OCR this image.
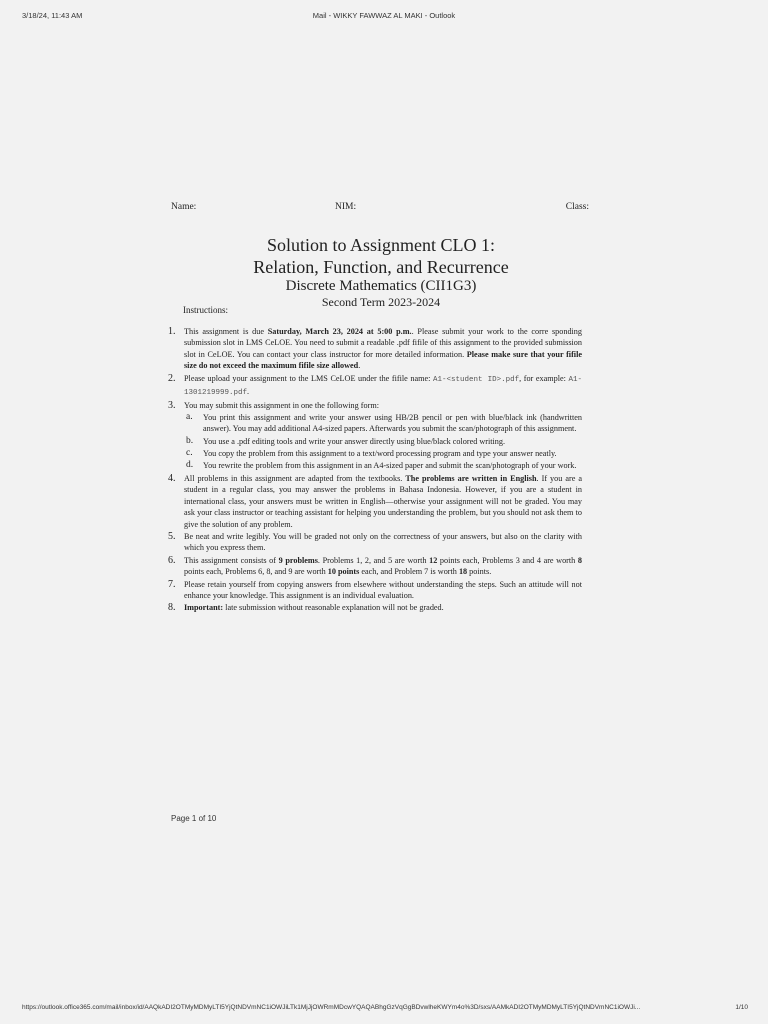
3/18/24, 11:43 AM	Mail - WIKKY FAWWAZ AL MAKI - Outlook
Name:	NIM:	Class:
Solution to Assignment CLO 1:
Relation, Function, and Recurrence
Discrete Mathematics (CII1G3)
Second Term 2023-2024
Instructions:
1. This assignment is due Saturday, March 23, 2024 at 5:00 p.m.. Please submit your work to the corre sponding submission slot in LMS CeLOE. You need to submit a readable .pdf fifile of this assignment to the provided submission slot in CeLOE. You can contact your class instructor for more detailed information. Please make sure that your fifile size do not exceed the maximum fifile size allowed.
2. Please upload your assignment to the LMS CeLOE under the fifile name: A1-<student ID>.pdf, for example: A1-1301219999.pdf.
3. You may submit this assignment in one the following form:
a. You print this assignment and write your answer using HB/2B pencil or pen with blue/black ink (handwritten answer). You may add additional A4-sized papers. Afterwards you submit the scan/photograph of this assignment.
b. You use a .pdf editing tools and write your answer directly using blue/black colored writing.
c. You copy the problem from this assignment to a text/word processing program and type your answer neatly.
d. You rewrite the problem from this assignment in an A4-sized paper and submit the scan/photograph of your work.
4. All problems in this assignment are adapted from the textbooks. The problems are written in English. If you are a student in a regular class, you may answer the problems in Bahasa Indonesia. However, if you are a student in international class, your answers must be written in English—otherwise your assignment will not be graded. You may ask your class instructor or teaching assistant for helping you understanding the problem, but you should not ask them to give the solution of any problem.
5. Be neat and write legibly. You will be graded not only on the correctness of your answers, but also on the clarity with which you express them.
6. This assignment consists of 9 problems. Problems 1, 2, and 5 are worth 12 points each, Problems 3 and 4 are worth 8 points each, Problems 6, 8, and 9 are worth 10 points each, and Problem 7 is worth 18 points.
7. Please retain yourself from copying answers from elsewhere without understanding the steps. Such an attitude will not enhance your knowledge. This assignment is an individual evaluation.
8. Important: late submission without reasonable explanation will not be graded.
Page 1 of 10
https://outlook.office365.com/mail/inbox/id/AAQkADI2OTMyMDMyLTI5YjQtNDVmNC1iOWJiLTk1MjJjOWRmMDcwYQAQABhgGzVqGgBDvwlheKWYm4o%3D/sxs/AAMkADI2OTMyMDMyLTI5YjQtNDVmNC1iOWJi...	1/10
